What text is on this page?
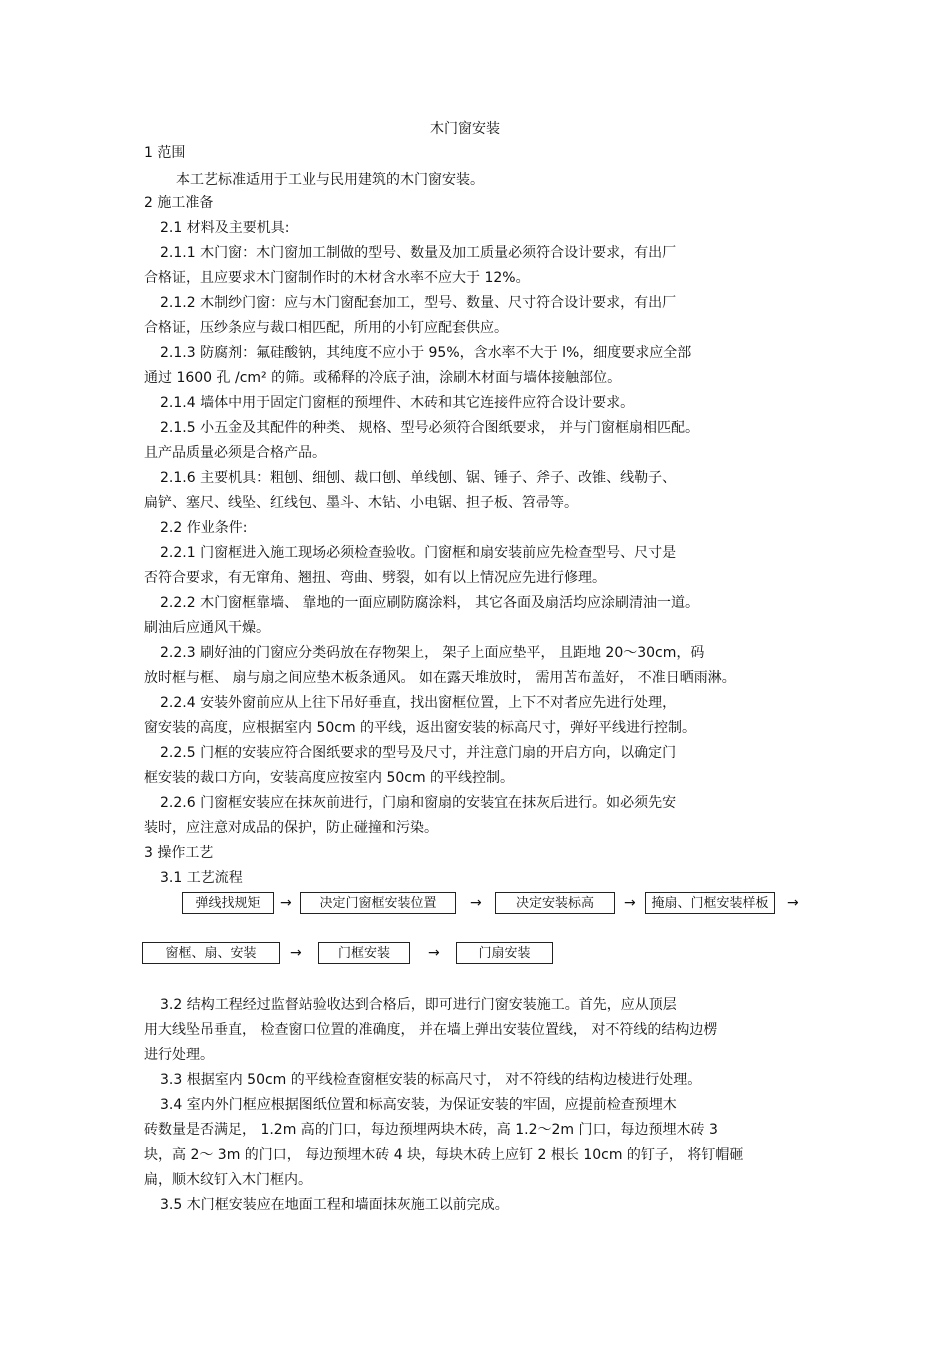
木门窗安装
1 范围
本工艺标准适用于工业与民用建筑的木门窗安装。
2 施工准备
2.1 材料及主要机具:
2.1.1 木门窗：木门窗加工制做的型号、数量及加工质量必须符合设计要求，有出厂
合格证，且应要求木门窗制作时的木材含水率不应大于 12%。
2.1.2 木制纱门窗：应与木门窗配套加工，型号、数量、尺寸符合设计要求，有出厂
合格证，压纱条应与裁口相匹配，所用的小钉应配套供应。
2.1.3 防腐剂：氟硅酸钠，其纯度不应小于 95%，含水率不大于 l%，细度要求应全部
通过 1600 孔 /cm² 的筛。或稀释的冷底子油，涂刷木材面与墙体接触部位。
2.1.4 墙体中用于固定门窗框的预埋件、木砖和其它连接件应符合设计要求。
2.1.5 小五金及其配件的种类、 规格、型号必须符合图纸要求， 并与门窗框扇相匹配。
且产品质量必须是合格产品。
2.1.6 主要机具：粗刨、细刨、裁口刨、单线刨、锯、锤子、斧子、改锥、线勒子、
扁铲、塞尺、线坠、红线包、墨斗、木钻、小电锯、担子板、笤帚等。
2.2 作业条件:
2.2.1 门窗框进入施工现场必须检查验收。门窗框和扇安装前应先检查型号、尺寸是
否符合要求，有无窜角、翘扭、弯曲、劈裂，如有以上情况应先进行修理。
2.2.2 木门窗框靠墙、 靠地的一面应刷防腐涂料， 其它各面及扇活均应涂刷清油一道。
刷油后应通风干燥。
2.2.3 刷好油的门窗应分类码放在存物架上， 架子上面应垫平， 且距地 20～30cm，码
放时框与框、 扇与扇之间应垫木板条通风。 如在露天堆放时， 需用苫布盖好， 不准日晒雨淋。
2.2.4 安装外窗前应从上往下吊好垂直，找出窗框位置，上下不对者应先进行处理，
窗安装的高度，应根据室内 50cm 的平线，返出窗安装的标高尺寸，弹好平线进行控制。
2.2.5 门框的安装应符合图纸要求的型号及尺寸，并注意门扇的开启方向，以确定门
框安装的裁口方向，安装高度应按室内 50cm 的平线控制。
2.2.6 门窗框安装应在抹灰前进行，门扇和窗扇的安装宜在抹灰后进行。如必须先安
装时，应注意对成品的保护，防止碰撞和污染。
3 操作工艺
3.1 工艺流程
弹线找规矩	→	决定门窗框安装位置	→	决定安装标高	→	掩扇、门框安装样板	→
窗框、扇、安装	→	门框安装	→	门扇安装
3.2 结构工程经过监督站验收达到合格后，即可进行门窗安装施工。首先，应从顶层
用大线坠吊垂直， 检查窗口位置的准确度， 并在墙上弹出安装位置线， 对不符线的结构边楞
进行处理。
3.3 根据室内 50cm 的平线检查窗框安装的标高尺寸， 对不符线的结构边棱进行处理。
3.4 室内外门框应根据图纸位置和标高安装，为保证安装的牢固，应提前检查预埋木
砖数量是否满足， 1.2m 高的门口，每边预埋两块木砖，高 1.2～2m 门口，每边预埋木砖 3
块，高 2～ 3m 的门口， 每边预埋木砖 4 块，每块木砖上应钉 2 根长 10cm 的钉子， 将钉帽砸
扁，顺木纹钉入木门框内。
3.5 木门框安装应在地面工程和墙面抹灰施工以前完成。
